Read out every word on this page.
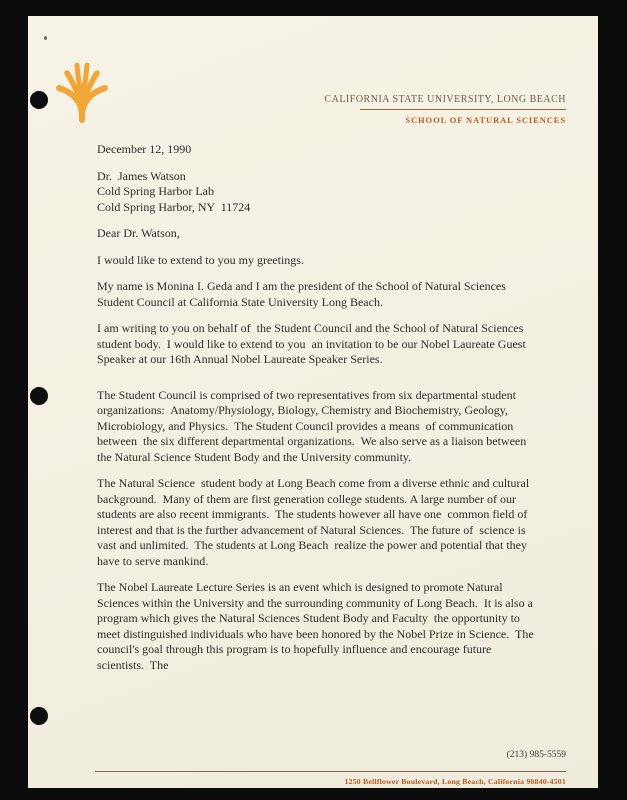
CALIFORNIA STATE UNIVERSITY, LONG BEACH
SCHOOL OF NATURAL SCIENCES

December 12, 1990

Dr.  James Watson

Cold Spring Harbor Lab

Cold Spring Harbor, NY  11724

Dear Dr. Watson,

I would like to extend to you my greetings.

My name is Monina I. Geda and I am the president of the School of Natural Sciences Student Council at California State University Long Beach.

I am writing to you on behalf of  the Student Council and the School of Natural Sciences student body.  I would like to extend to you  an invitation to be our Nobel Laureate Guest Speaker at our 16th Annual Nobel Laureate Speaker Series.

The Student Council is comprised of two representatives from six departmental student organizations:  Anatomy/Physiology, Biology, Chemistry and Biochemistry, Geology, Microbiology, and Physics.  The Student Council provides a means  of communication between  the six different departmental organizations.  We also serve as a liaison between the Natural Science Student Body and the University community.

The Natural Science  student body at Long Beach come from a diverse ethnic and cultural background.  Many of them are first generation college students. A large number of our students are also recent immigrants.  The students however all have one  common field of interest and that is the further advancement of Natural Sciences.  The future of  science is vast and unlimited.  The students at Long Beach  realize the power and potential that they have to serve mankind.

The Nobel Laureate Lecture Series is an event which is designed to promote Natural Sciences within the University and the surrounding community of Long Beach.  It is also a program which gives the Natural Sciences Student Body and Faculty  the opportunity to meet distinguished individuals who have been honored by the Nobel Prize in Science.  The council's goal through this program is to hopefully influence and encourage future scientists.  The

(213) 985-5559
1250 Bellflower Boulevard, Long Beach, California 90840-4501
